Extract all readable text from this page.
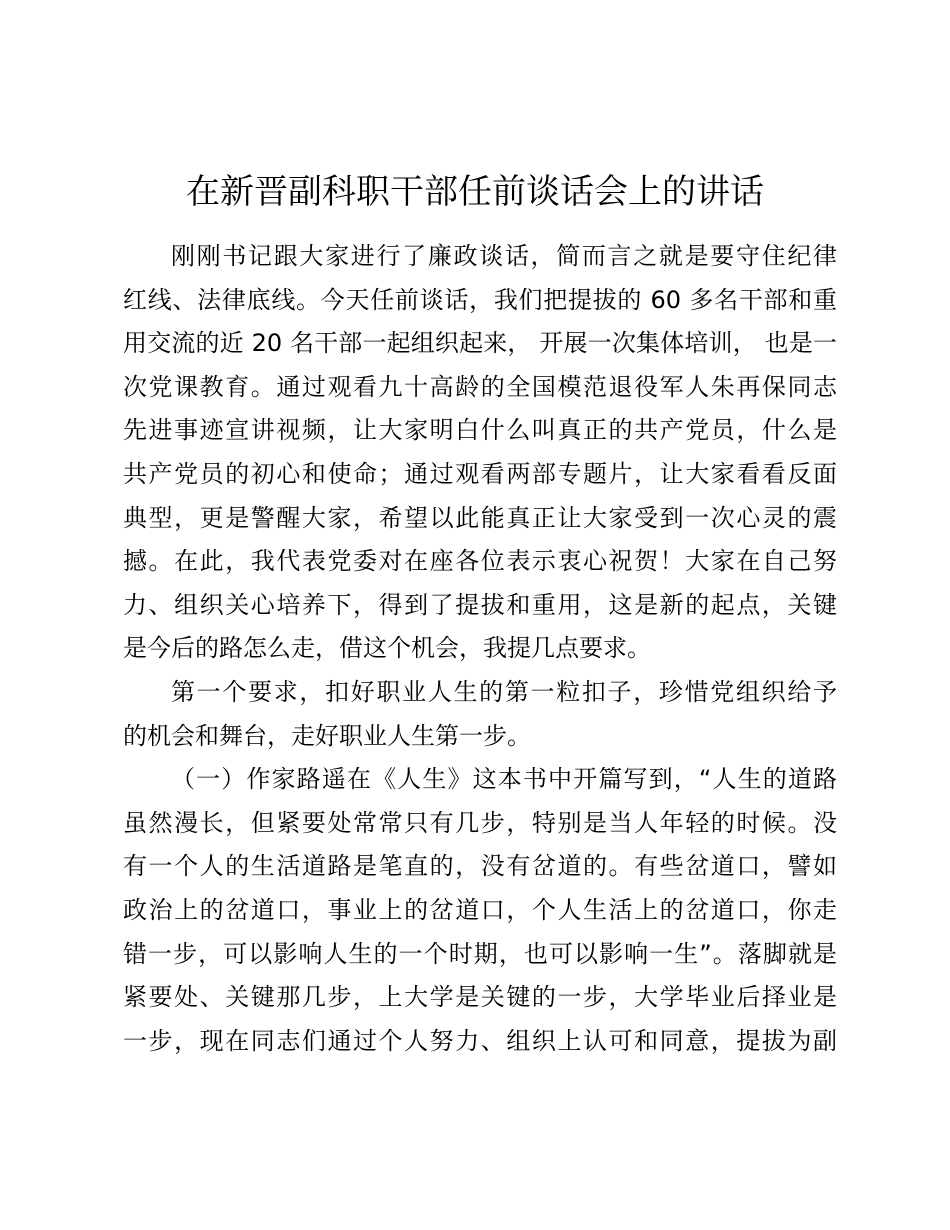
在新晋副科职干部任前谈话会上的讲话
刚刚书记跟大家进行了廉政谈话，简而言之就是要守住纪律
红线、法律底线。今天任前谈话，我们把提拔的 60 多名干部和重
用交流的近 20 名干部一起组织起来， 开展一次集体培训， 也是一
次党课教育。通过观看九十高龄的全国模范退役军人朱再保同志
先进事迹宣讲视频，让大家明白什么叫真正的共产党员，什么是
共产党员的初心和使命；通过观看两部专题片，让大家看看反面
典型，更是警醒大家，希望以此能真正让大家受到一次心灵的震
撼。在此，我代表党委对在座各位表示衷心祝贺！大家在自己努
力、组织关心培养下，得到了提拔和重用，这是新的起点，关键
是今后的路怎么走，借这个机会，我提几点要求。
第一个要求，扣好职业人生的第一粒扣子，珍惜党组织给予
的机会和舞台，走好职业人生第一步。
（一）作家路遥在《人生》这本书中开篇写到，“人生的道路
虽然漫长，但紧要处常常只有几步，特别是当人年轻的时候。没
有一个人的生活道路是笔直的，没有岔道的。有些岔道口，譬如
政治上的岔道口，事业上的岔道口，个人生活上的岔道口，你走
错一步，可以影响人生的一个时期，也可以影响一生”。落脚就是
紧要处、关键那几步，上大学是关键的一步，大学毕业后择业是
一步，现在同志们通过个人努力、组织上认可和同意，提拔为副
